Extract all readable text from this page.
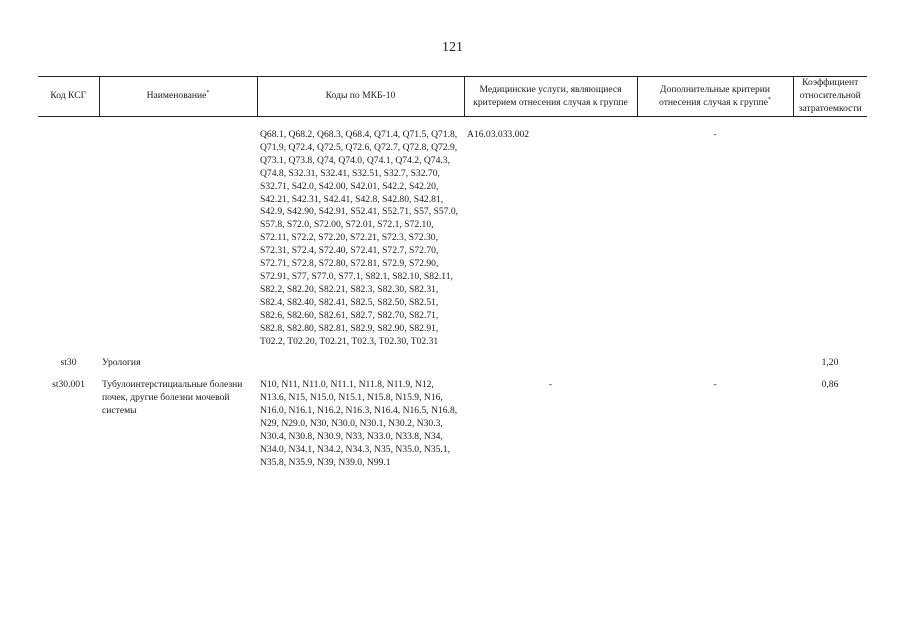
121
Код КСГ	Наименование*	Коды по МКБ-10	Медицинские услуги, являющиеся критерием отнесения случая к группе	Дополнительные критерии отнесения случая к группе*	Коэффициент относительной затратоемкости

		Q68.1, Q68.2, Q68.3, Q68.4, Q71.4, Q71.5, Q71.8, Q71.9, Q72.4, Q72.5, Q72.6, Q72.7, Q72.8, Q72.9, Q73.1, Q73.8, Q74, Q74.0, Q74.1, Q74.2, Q74.3, Q74.8, S32.31, S32.41, S32.51, S32.7, S32.70, S32.71, S42.0, S42.00, S42.01, S42.2, S42.20, S42.21, S42.31, S42.41, S42.8, S42.80, S42.81, S42.9, S42.90, S42.91, S52.41, S52.71, S57, S57.0, S57.8, S72.0, S72.00, S72.01, S72.1, S72.10, S72.11, S72.2, S72.20, S72.21, S72.3, S72.30, S72.31, S72.4, S72.40, S72.41, S72.7, S72.70, S72.71, S72.8, S72.80, S72.81, S72.9, S72.90, S72.91, S77, S77.0, S77.1, S82.1, S82.10, S82.11, S82.2, S82.20, S82.21, S82.3, S82.30, S82.31, S82.4, S82.40, S82.41, S82.5, S82.50, S82.51, S82.6, S82.60, S82.61, S82.7, S82.70, S82.71, S82.8, S82.80, S82.81, S82.9, S82.90, S82.91, T02.2, T02.20, T02.21, T02.3, T02.30, T02.31	A16.03.033.002	-	

st30	Урология				1,20

st30.001	Тубулоинтерстициальные болезни почек, другие болезни мочевой системы	N10, N11, N11.0, N11.1, N11.8, N11.9, N12, N13.6, N15, N15.0, N15.1, N15.8, N15.9, N16, N16.0, N16.1, N16.2, N16.3, N16.4, N16.5, N16.8, N29, N29.0, N30, N30.0, N30.1, N30.2, N30.3, N30.4, N30.8, N30.9, N33, N33.0, N33.8, N34, N34.0, N34.1, N34.2, N34.3, N35, N35.0, N35.1, N35.8, N35.9, N39, N39.0, N99.1	-	-	0,86
